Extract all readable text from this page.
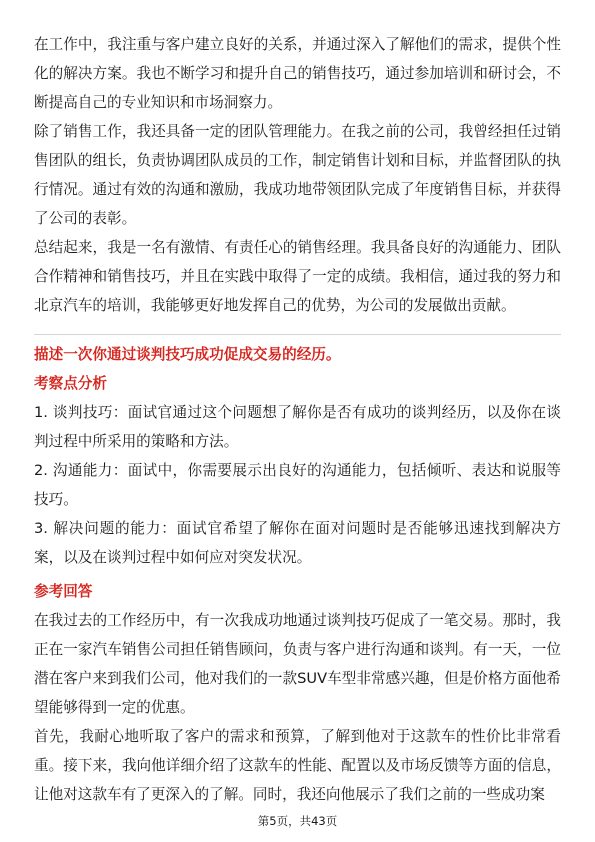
在工作中，我注重与客户建立良好的关系，并通过深入了解他们的需求，提供个性化的解决方案。我也不断学习和提升自己的销售技巧，通过参加培训和研讨会，不断提高自己的专业知识和市场洞察力。

除了销售工作，我还具备一定的团队管理能力。在我之前的公司，我曾经担任过销售团队的组长，负责协调团队成员的工作，制定销售计划和目标，并监督团队的执行情况。通过有效的沟通和激励，我成功地带领团队完成了年度销售目标，并获得了公司的表彰。

总结起来，我是一名有激情、有责任心的销售经理。我具备良好的沟通能力、团队合作精神和销售技巧，并且在实践中取得了一定的成绩。我相信，通过我的努力和北京汽车的培训，我能够更好地发挥自己的优势，为公司的发展做出贡献。

描述一次你通过谈判技巧成功促成交易的经历。

考察点分析

1. 谈判技巧：面试官通过这个问题想了解你是否有成功的谈判经历，以及你在谈判过程中所采用的策略和方法。

2. 沟通能力：面试中，你需要展示出良好的沟通能力，包括倾听、表达和说服等技巧。

3. 解决问题的能力：面试官希望了解你在面对问题时是否能够迅速找到解决方案，以及在谈判过程中如何应对突发状况。

参考回答

在我过去的工作经历中，有一次我成功地通过谈判技巧促成了一笔交易。那时，我正在一家汽车销售公司担任销售顾问，负责与客户进行沟通和谈判。有一天，一位潜在客户来到我们公司，他对我们的一款SUV车型非常感兴趣，但是价格方面他希望能够得到一定的优惠。

首先，我耐心地听取了客户的需求和预算，了解到他对于这款车的性价比非常看重。接下来，我向他详细介绍了这款车的性能、配置以及市场反馈等方面的信息，让他对这款车有了更深入的了解。同时，我还向他展示了我们之前的一些成功案

第5页，共43页
